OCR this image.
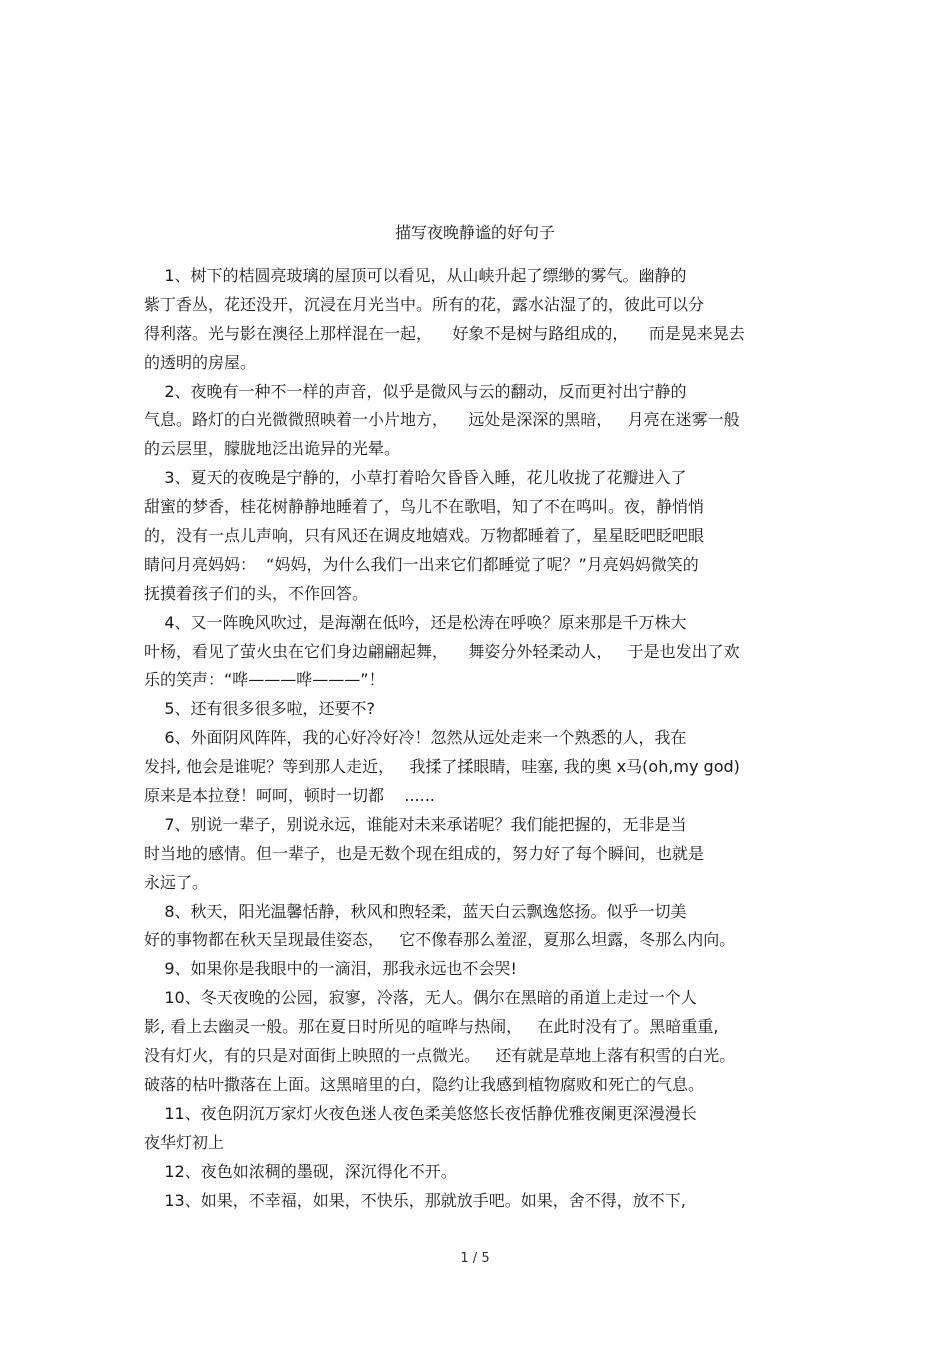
描写夜晚静谧的好句子
1、树下的桔圆亮玻璃的屋顶可以看见，从山峡升起了缥缈的雾气。幽静的
紫丁香丛，花还没开，沉浸在月光当中。所有的花，露水沾湿了的，彼此可以分
得利落。光与影在澳径上那样混在一起，    好象不是树与路组成的，    而是晃来晃去
的透明的房屋。
2、夜晚有一种不一样的声音，似乎是微风与云的翻动，反而更衬出宁静的
气息。路灯的白光微微照映着一小片地方，    远处是深深的黑暗，   月亮在迷雾一般
的云层里，朦胧地泛出诡异的光晕。
3、夏天的夜晚是宁静的，小草打着哈欠昏昏入睡，花儿收拢了花瓣进入了
甜蜜的梦香，桂花树静静地睡着了，鸟儿不在歌唱，知了不在鸣叫。夜，静悄悄
的，没有一点儿声响，只有风还在调皮地嬉戏。万物都睡着了，星星眨吧眨吧眼
睛问月亮妈妈：  “妈妈，为什么我们一出来它们都睡觉了呢？”月亮妈妈微笑的
抚摸着孩子们的头，不作回答。
4、又一阵晚风吹过，是海潮在低吟，还是松涛在呼唤？原来那是千万株大
叶杨，看见了萤火虫在它们身边翩翩起舞，    舞姿分外轻柔动人，   于是也发出了欢
乐的笑声：“哗———哗———”！
5、还有很多很多啦，还要不?
6、外面阴风阵阵，我的心好冷好冷！忽然从远处走来一个熟悉的人，我在
发抖, 他会是谁呢？等到那人走近，   我揉了揉眼睛，哇塞, 我的奥 x马(oh,my god)
原来是本拉登！呵呵，顿时一切都    ......
7、别说一辈子，别说永远，谁能对未来承诺呢？我们能把握的，无非是当
时当地的感情。但一辈子，也是无数个现在组成的，努力好了每个瞬间，也就是
永远了。
8、秋天，阳光温馨恬静，秋风和煦轻柔，蓝天白云飘逸悠扬。似乎一切美
好的事物都在秋天呈现最佳姿态，   它不像春那么羞涩，夏那么坦露，冬那么内向。
9、如果你是我眼中的一滴泪，那我永远也不会哭!
10、冬天夜晚的公园，寂寥，冷落，无人。偶尔在黑暗的甬道上走过一个人
影, 看上去幽灵一般。那在夏日时所见的喧哗与热闹，   在此时没有了。黑暗重重,
没有灯火，有的只是对面街上映照的一点微光。   还有就是草地上落有积雪的白光。
破落的枯叶撒落在上面。这黑暗里的白，隐约让我感到植物腐败和死亡的气息。
11、夜色阴沉万家灯火夜色迷人夜色柔美悠悠长夜恬静优雅夜阑更深漫漫长
夜华灯初上
12、夜色如浓稠的墨砚，深沉得化不开。
13、如果，不幸福，如果，不快乐，那就放手吧。如果，舍不得，放不下,
1 / 5
